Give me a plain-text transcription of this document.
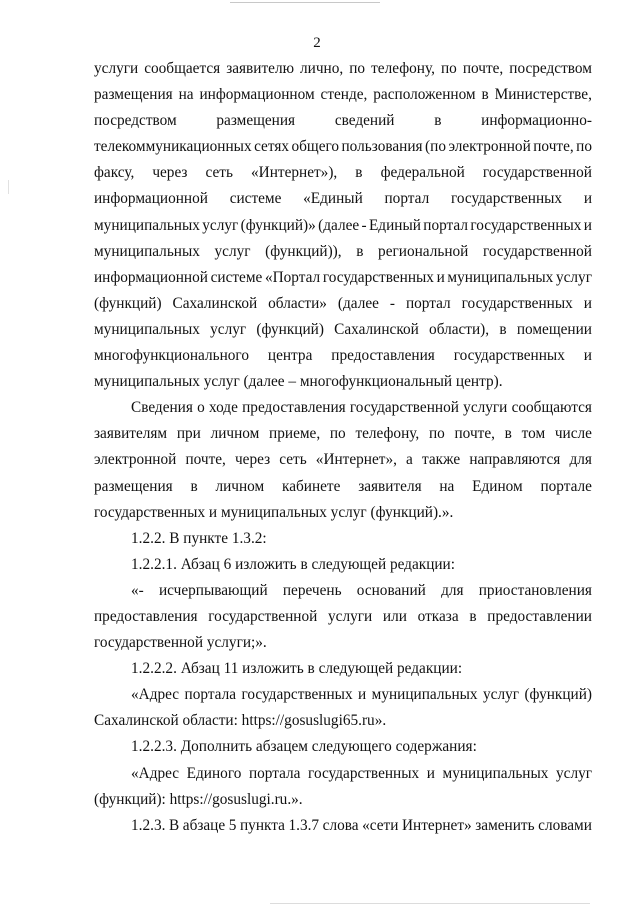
2
услуги сообщается заявителю лично, по телефону, по почте, посредством
размещения на информационном стенде, расположенном в Министерстве,
посредством	размещения	сведений	в	информационно-
телекоммуникационных сетях общего пользования (по электронной почте, по
факсу, через сеть «Интернет»), в федеральной государственной
информационной системе «Единый портал государственных и
муниципальных услуг (функций)» (далее - Единый портал государственных и
муниципальных услуг (функций)), в региональной государственной
информационной системе «Портал государственных и муниципальных услуг
(функций) Сахалинской области» (далее - портал государственных и
муниципальных услуг (функций) Сахалинской области), в помещении
многофункционального центра предоставления государственных и
муниципальных услуг (далее – многофункциональный центр).
Сведения о ходе предоставления государственной услуги сообщаются
заявителям при личном приеме, по телефону, по почте, в том числе
электронной почте, через сеть «Интернет», а также направляются для
размещения в личном кабинете заявителя на Едином портале
государственных и муниципальных услуг (функций).».
1.2.2. В пункте 1.3.2:
1.2.2.1. Абзац 6 изложить в следующей редакции:
«- исчерпывающий перечень оснований для приостановления
предоставления государственной услуги или отказа в предоставлении
государственной услуги;».
1.2.2.2. Абзац 11 изложить в следующей редакции:
«Адрес портала государственных и муниципальных услуг (функций)
Сахалинской области: https://gosuslugi65.ru».
1.2.2.3. Дополнить абзацем следующего содержания:
«Адрес Единого портала государственных и муниципальных услуг
(функций): https://gosuslugi.ru.».
1.2.3. В абзаце 5 пункта 1.3.7 слова «сети Интернет» заменить словами
